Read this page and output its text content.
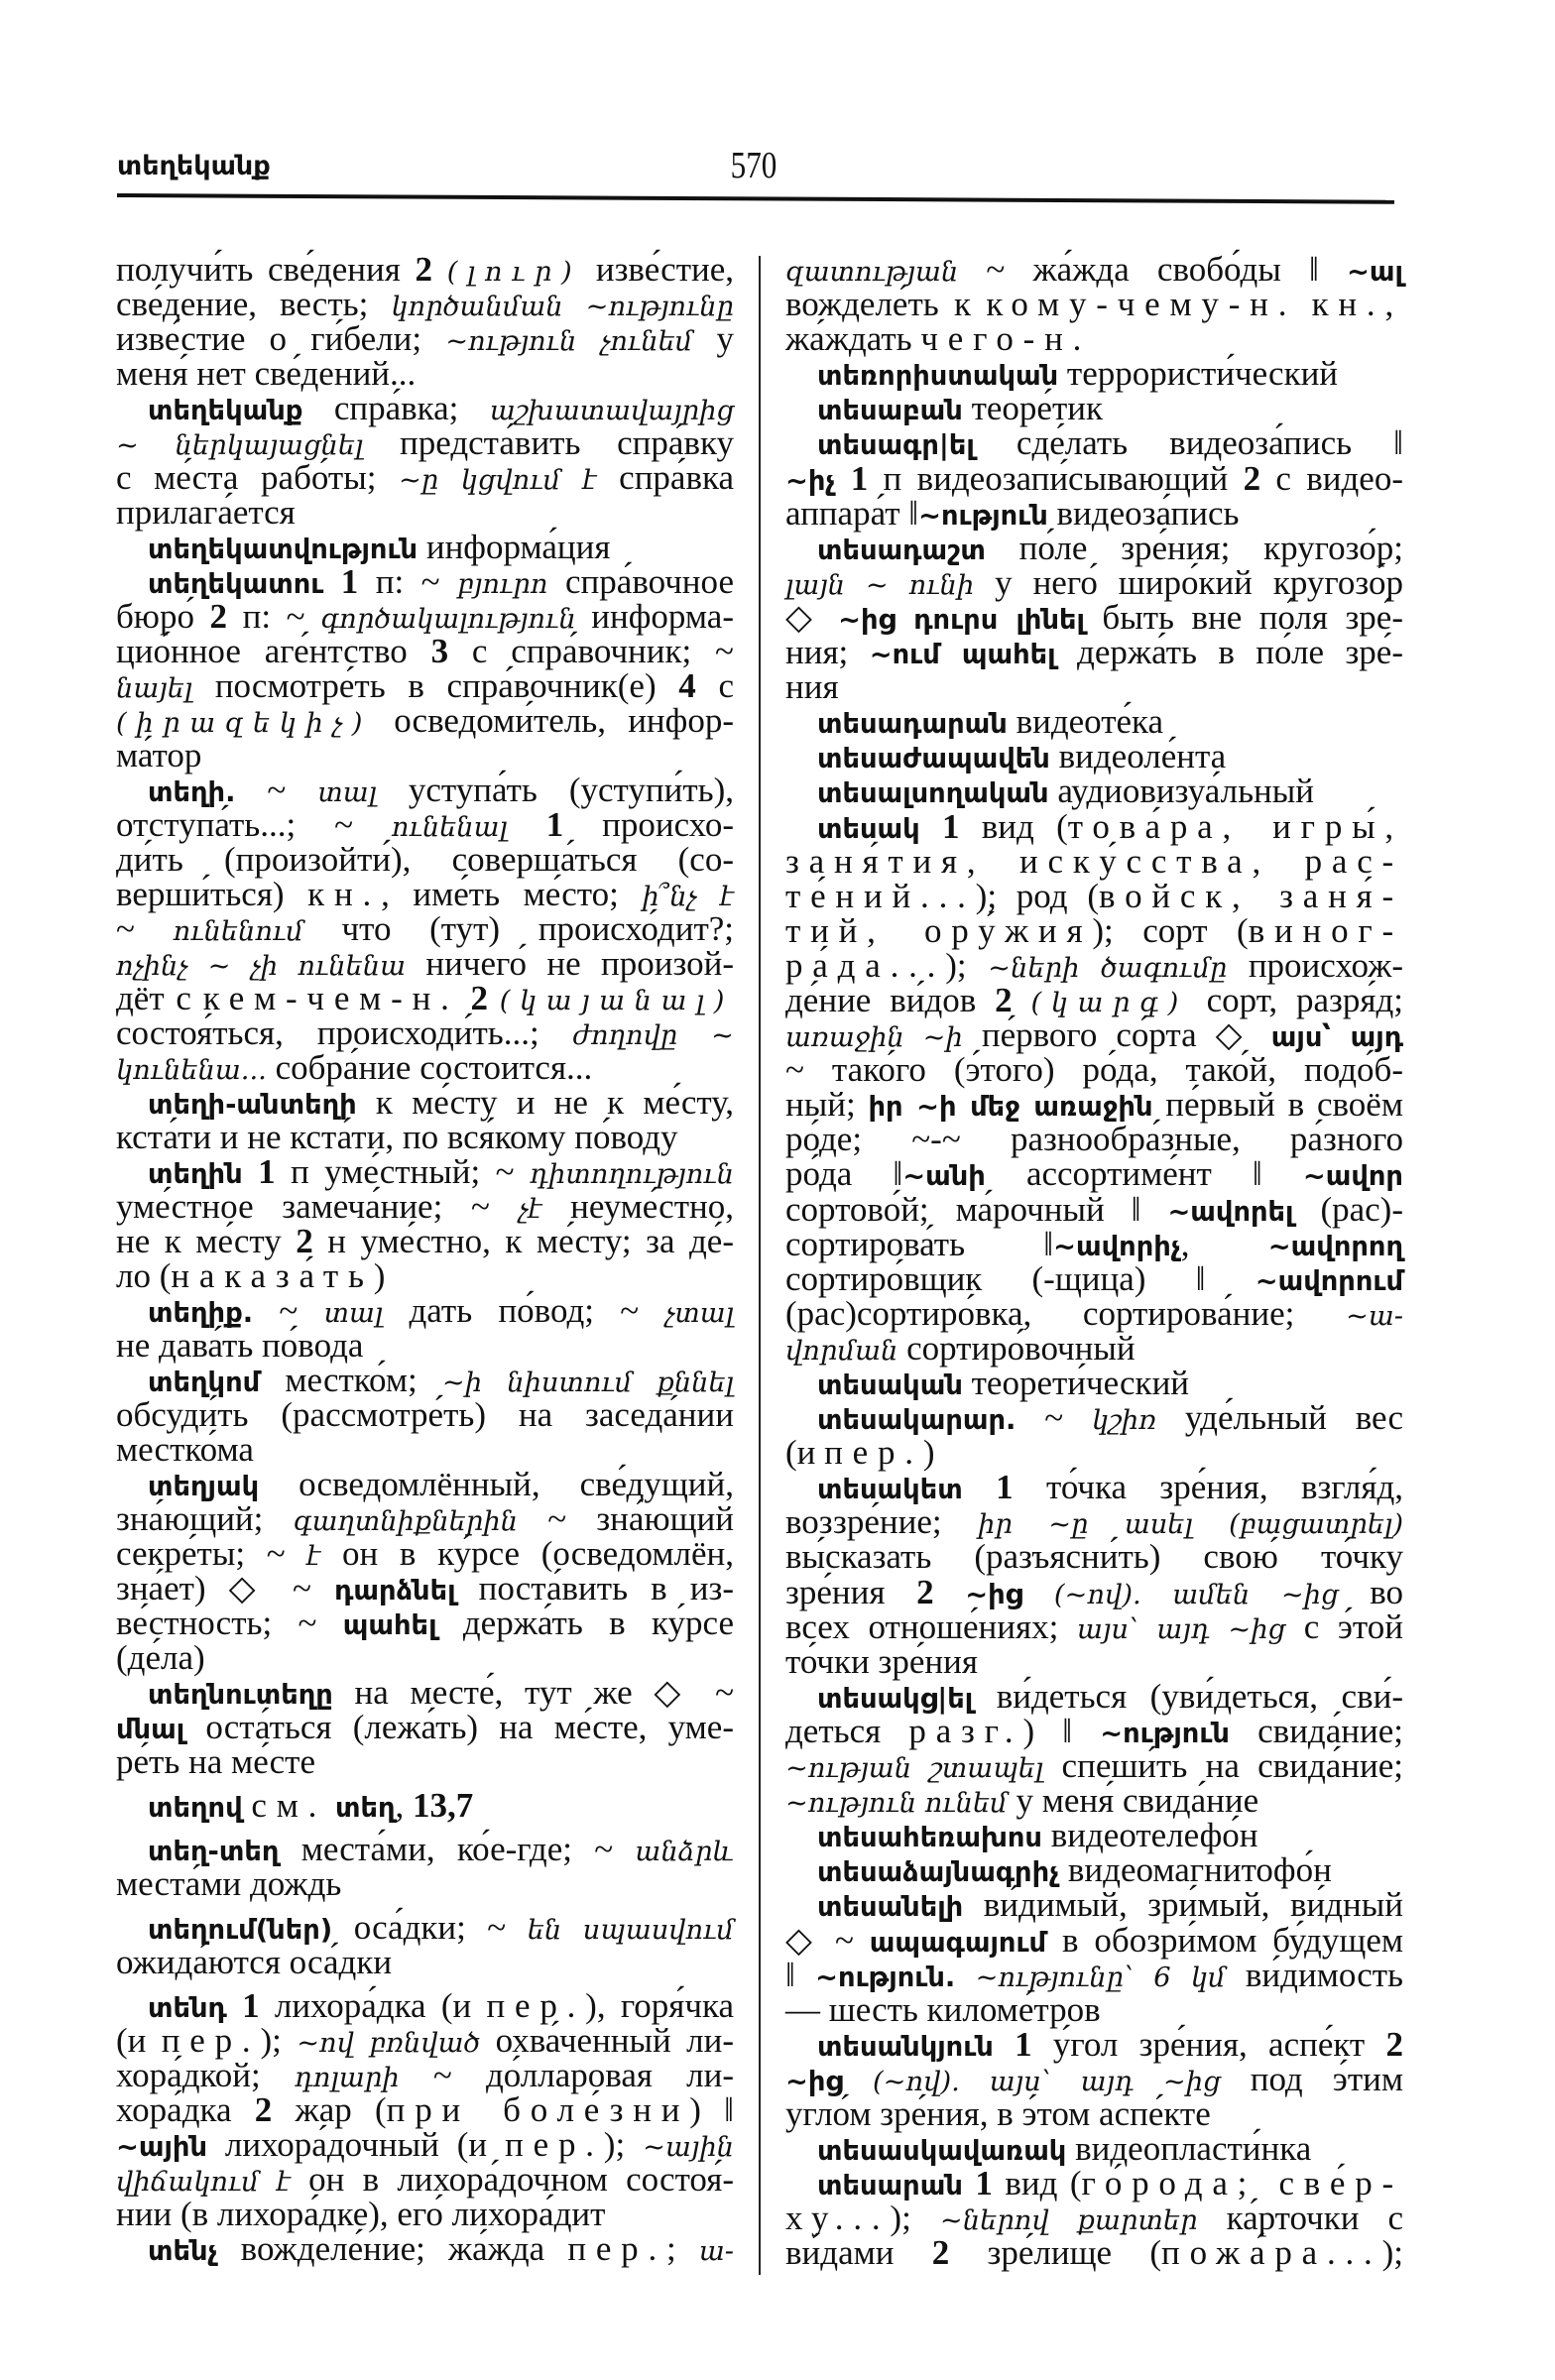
տեղեկանք	570
получи́ть све́дения 2 (լուր) изве́стие,
све́дение, весть; կործանման ~ությունը
изве́стие о ги́бели; ~ություն չունեմ у
меня́ нет све́дений...
տեղեկանք спра́вка; աշխատավայրից
~ ներկայացնել предста́вить спра́вку
с ме́ста рабо́ты; ~ը կցվում է спра́вка
прилага́ется
տեղեկատվություն информа́ция
տեղեկատու 1 п: ~ բյուրո спра́вочное
бюро́ 2 п: ~ գործակալություն информа-
цио́нное аге́нтство 3 с спра́вочник; ~
նայել посмотре́ть в спра́вочник(е) 4 с
(իրազեկիչ) осведоми́тель, инфор-
ма́тор
տեղի. ~ տալ уступа́ть (уступи́ть),
отступа́ть...; ~ ունենալ 1 происхо-
ди́ть (произойти́), соверша́ться (со-
верши́ться) кн., име́ть ме́сто; ի՞նչ է
~ ունենում что (тут) происхо́дит?;
ոչինչ ~ չի ունենա ничего́ не произой-
дёт с кем-чем-н. 2 (կայանալ)
состоя́ться, происходи́ть...; ժողովը ~
կունենա... собра́ние состоится...
տեղի-անտեղի к ме́сту и не к ме́сту,
кста́ти и не кста́ти, по вся́кому по́воду
տեղին 1 п уме́стный; ~ դիտողություն
уме́стное замеча́ние; ~ չէ неуме́стно,
не к ме́сту 2 н уме́стно, к ме́сту; за де́-
ло (наказа́ть)
տեղիք. ~ տալ дать по́вод; ~ չտալ
не дава́ть по́вода
տեղկոմ местко́м; ~ի նիստում քննել
обсуди́ть (рассмотре́ть) на заседа́нии
местко́ма
տեղյակ осведомлённый, све́дущий,
зна́ющий; գաղտնիքներին ~ зна́ющий
секре́ты; ~ է он в ку́рсе (осведомлён,
зна́ет) ◇ ~ դարձնել поста́вить в из-
ве́стность; ~ պահել держа́ть в ку́рсе
(де́ла)
տեղնուտեղը на месте́, тут же ◇ ~
մնալ оста́ться (лежа́ть) на ме́сте, уме-
ре́ть на ме́сте
տեղով см. տեղ, 13,7
տեղ-տեղ места́ми, ко́е-где; ~ անձրև
места́ми дождь
տեղում(ներ) оса́дки; ~ են սպասվում
ожида́ются оса́дки
տենդ 1 лихора́дка (и пер.), горя́чка
(и пер.); ~ով բռնված охва́ченный ли-
хора́дкой; դոլարի ~ до́лларовая ли-
хора́дка 2 жар (при боле́зни) ‖
~ային лихора́дочный (и пер.); ~ային
վիճակում է он в лихора́дочном состоя́-
нии (в лихора́дке), его́ лихора́дит
տենչ вожделе́ние; жа́жда пер.; ա-
զատության ~ жа́жда свобо́ды ‖ ~ալ
вожделе́ть к кому-чему-н. кн.,
жа́ждать чего-н.
տեռորիստական террористи́ческий
տեսաբան теоре́тик
տեսագր|ել сде́лать видеоза́пись ‖
~իչ 1 п видеозапи́сывающий 2 с видео-
аппара́т ‖~ություն видеоза́пись
տեսադաշտ по́ле зре́ния; кругозо́р;
լայն ~ ունի у него́ широ́кий кругозо́р
◇ ~ից դուրս լինել быть вне по́ля зре́-
ния; ~ում պահել держа́ть в по́ле зре́-
ния
տեսադարան видеоте́ка
տեսաժապավեն видеоле́нта
տեսալսողական аудиовизуа́льный
տեսակ 1 вид (това́ра, игры́,
заня́тия, иску́сства, рас-
те́ний...); род (войск, заня́-
тий, ору́жия); сорт (виног-
ра́да...); ~ների ծագումը происхож-
де́ние ви́дов 2 (կարգ) сорт, разря́д;
առաջին ~ի пе́рвого со́рта ◇ այս՝ այդ
~ тако́го (э́того) ро́да, тако́й, подо́б-
ный; իր ~ի մեջ առաջին пе́рвый в своём
ро́де; ~-~ разнообра́зные, ра́зного
ро́да ‖~անի ассортиме́нт ‖ ~ավոր
сортово́й; ма́рочный ‖ ~ավորել (рас)-
сортирова́ть ‖~ավորիչ, ~ավորող
сортиро́вщик (-щица) ‖ ~ավորում
(рас)сортиро́вка, сортирова́ние; ~ա-
վորման сортиро́вочный
տեսական теорети́ческий
տեսակարար. ~ կշիռ уде́льный вес
(и пер.)
տեսակետ 1 то́чка зре́ния, взгля́д,
воззре́ние; իր ~ը ասել (բացատրել)
вы́сказать (разъясни́ть) свою́ то́чку
зре́ния 2 ~ից (~ով). ամեն ~ից во
всех отноше́ниях; այս՝ այդ ~ից с э́той
то́чки зре́ния
տեսակց|ել ви́деться (уви́деться, сви́-
деться разг.) ‖ ~ություն свида́ние;
~ության շտապել спеши́ть на свида́ние;
~ություն ունեմ у меня́ свида́ние
տեսահեռախոս видеотелефо́н
տեսաձայնագրիչ видеомагнитофо́н
տեսանելի ви́димый, зри́мый, ви́дный
◇ ~ ապագայում в обозри́мом бу́дущем
‖ ~ություն. ~ությունը՝ 6 կմ ви́димость
— шесть киломе́тров
տեսանկյուն 1 у́гол зре́ния, аспе́кт 2
~ից (~ով). այս՝ այդ ~ից под э́тим
угло́м зре́ния, в э́том аспе́кте
տեսասկավառակ видеопласти́нка
տեսարան 1 вид (го́рода; све́р-
ху...); ~ներով քարտեր ка́рточки с
ви́дами 2 зре́лище (пожа́ра...);
